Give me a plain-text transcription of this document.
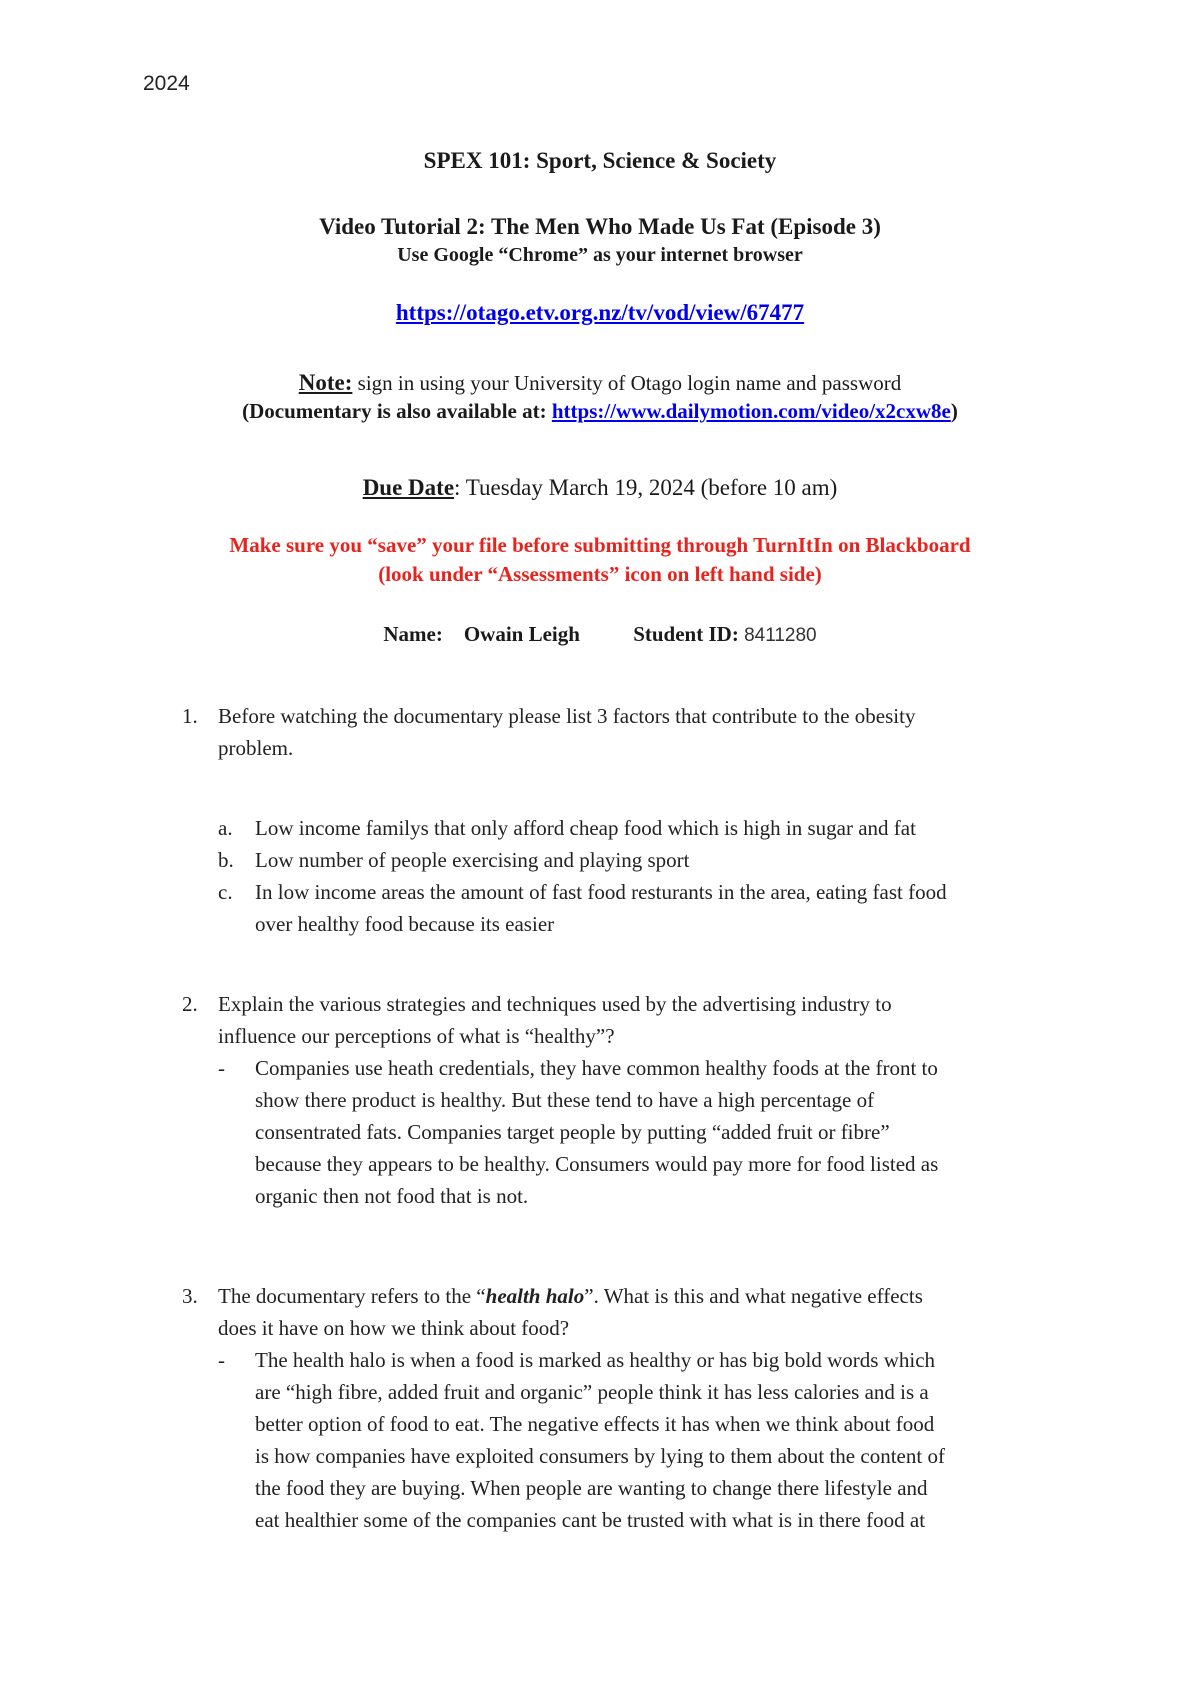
2024
SPEX 101: Sport, Science & Society
Video Tutorial 2: The Men Who Made Us Fat (Episode 3)
Use Google “Chrome” as your internet browser
https://otago.etv.org.nz/tv/vod/view/67477
Note: sign in using your University of Otago login name and password
(Documentary is also available at: https://www.dailymotion.com/video/x2cxw8e)
Due Date: Tuesday March 19, 2024 (before 10 am)
Make sure you “save” your file before submitting through TurnItIn on Blackboard
(look under “Assessments” icon on left hand side)
Name: Owain Leigh	Student ID: 8411280
1. Before watching the documentary please list 3 factors that contribute to the obesity
problem.
a.	Low income familys that only afford cheap food which is high in sugar and fat
b.	Low number of people exercising and playing sport
c.	In low income areas the amount of fast food resturants in the area, eating fast food
over healthy food because its easier
2. Explain the various strategies and techniques used by the advertising industry to
influence our perceptions of what is “healthy”?
-	Companies use heath credentials, they have common healthy foods at the front to
show there product is healthy. But these tend to have a high percentage of
consentrated fats. Companies target people by putting “added fruit or fibre”
because they appears to be healthy. Consumers would pay more for food listed as
organic then not food that is not.
3. The documentary refers to the “health halo”. What is this and what negative effects
does it have on how we think about food?
-	The health halo is when a food is marked as healthy or has big bold words which
are “high fibre, added fruit and organic” people think it has less calories and is a
better option of food to eat. The negative effects it has when we think about food
is how companies have exploited consumers by lying to them about the content of
the food they are buying. When people are wanting to change there lifestyle and
eat healthier some of the companies cant be trusted with what is in there food at
